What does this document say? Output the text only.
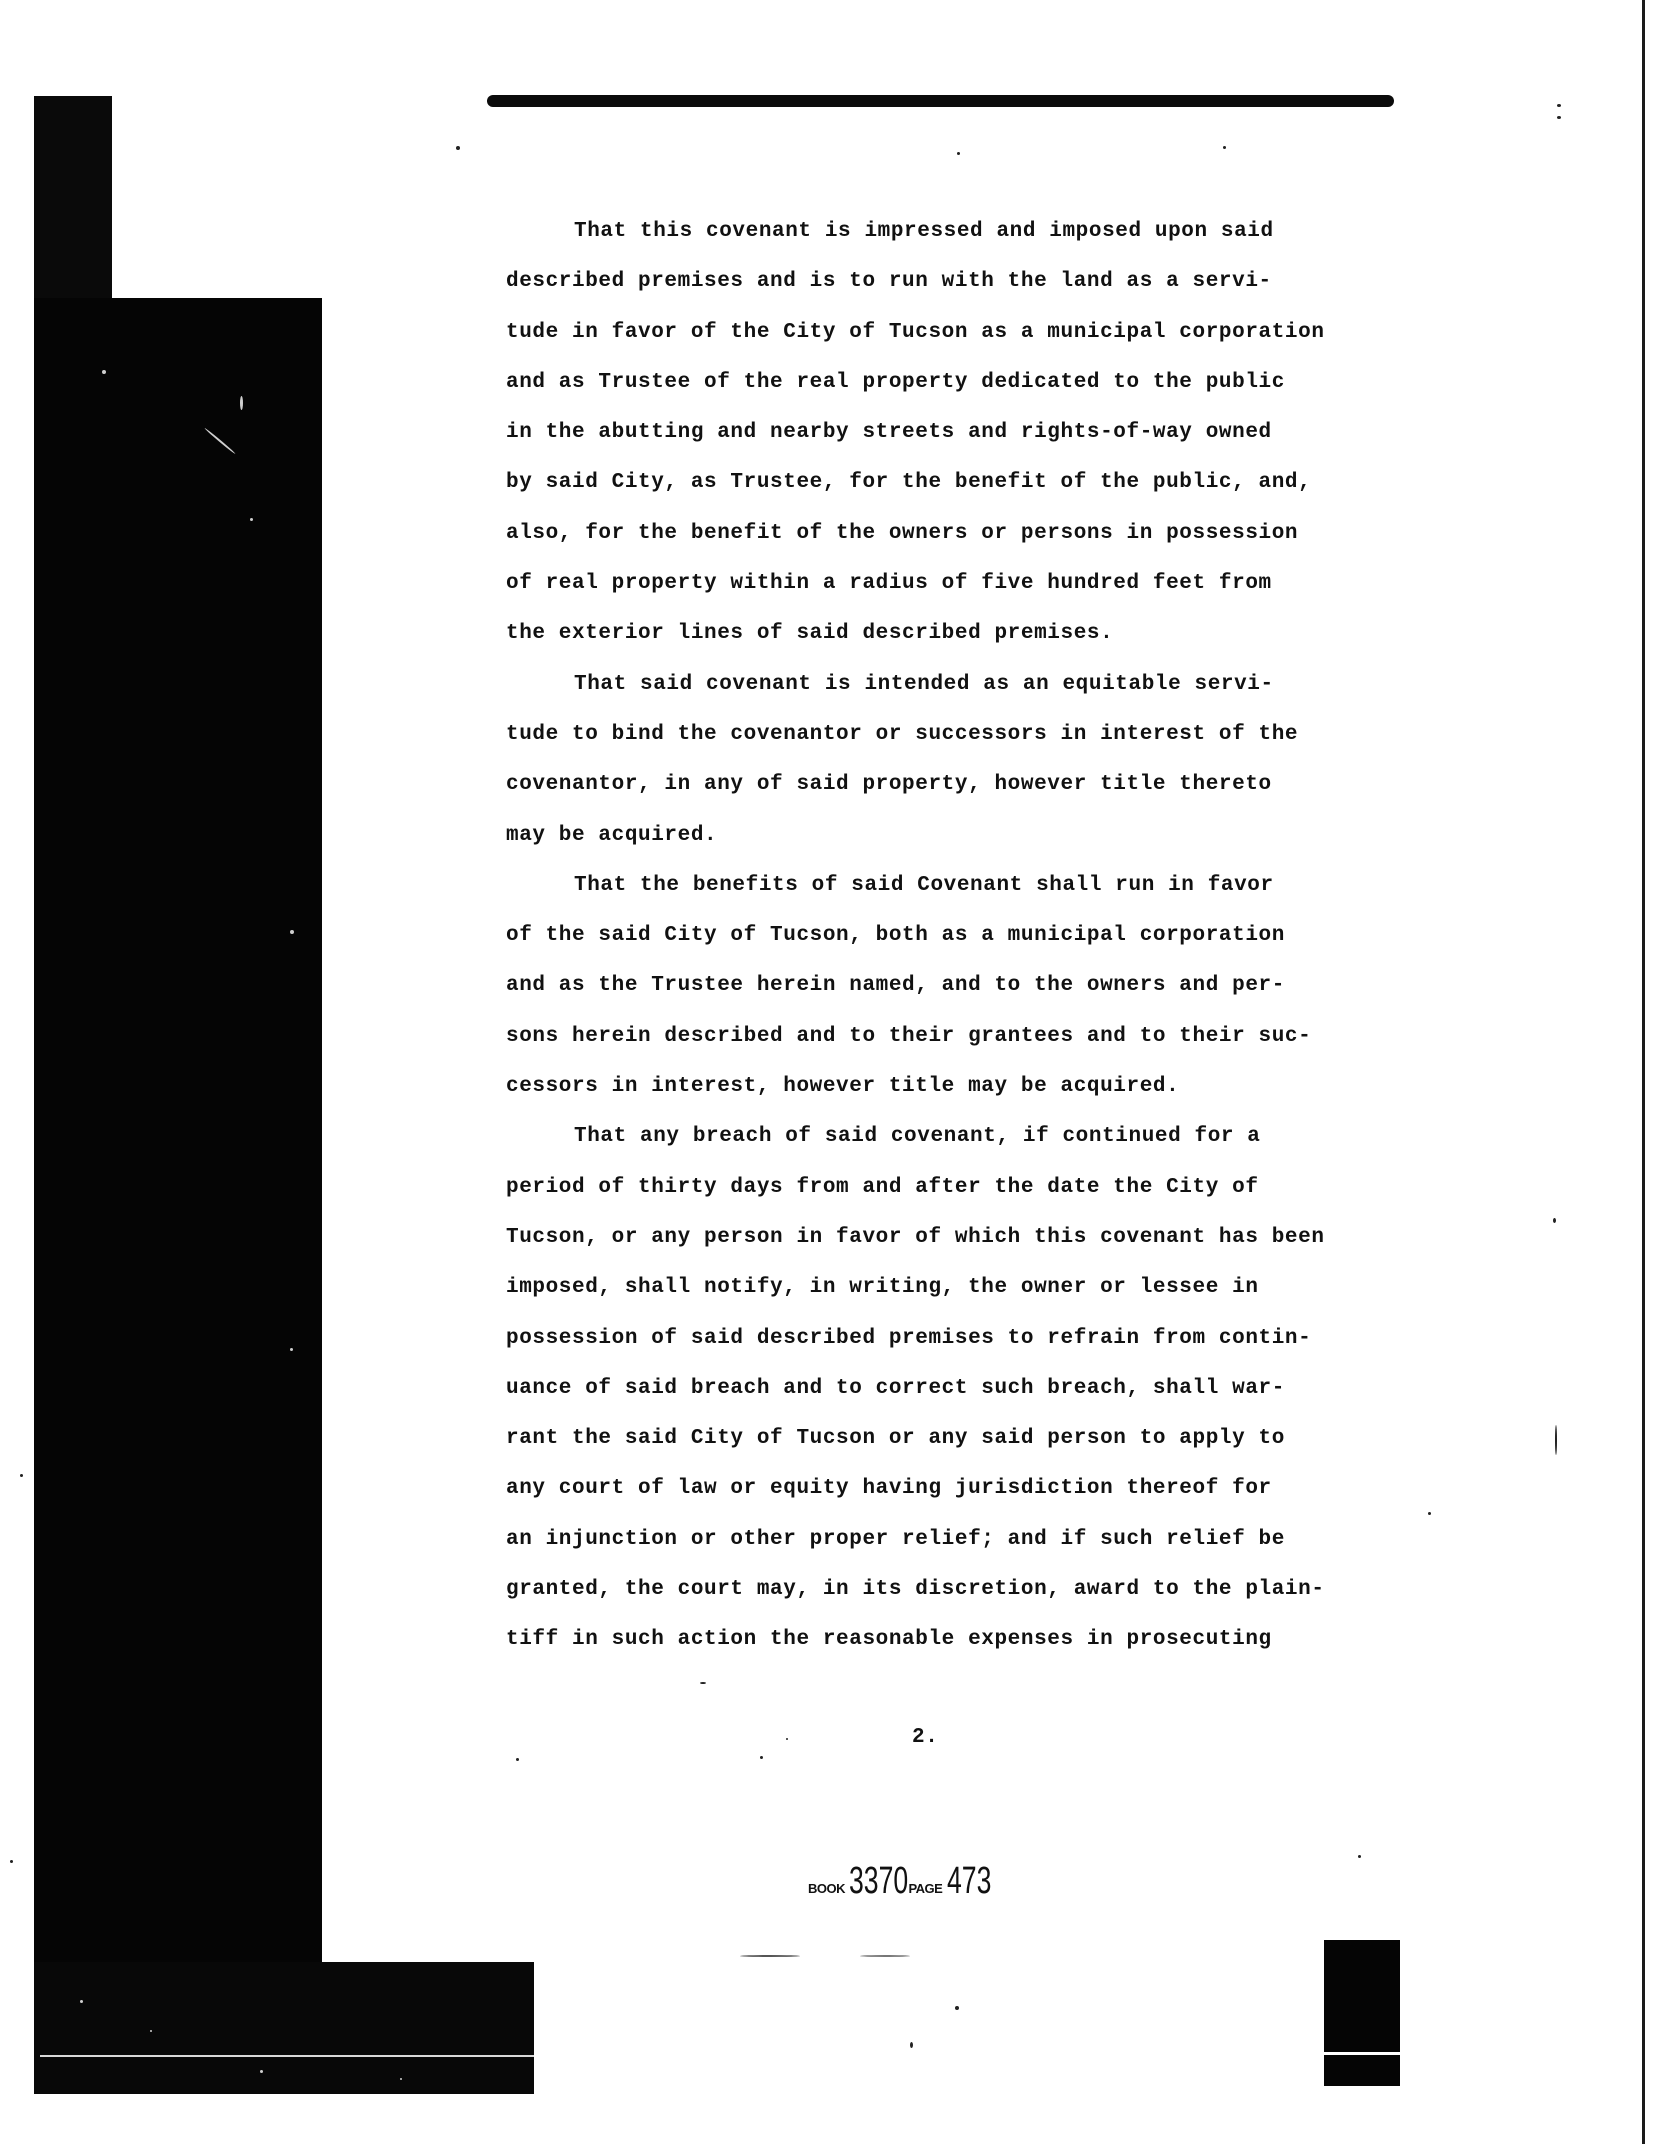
That this covenant is impressed and imposed upon said
described premises and is to run with the land as a servi-
tude in favor of the City of Tucson as a municipal corporation
and as Trustee of the real property dedicated to the public
in the abutting and nearby streets and rights-of-way owned
by said City, as Trustee, for the benefit of the public, and,
also, for the benefit of the owners or persons in possession
of real property within a radius of five hundred feet from
the exterior lines of said described premises.
That said covenant is intended as an equitable servi-
tude to bind the covenantor or successors in interest of the
covenantor, in any of said property, however title thereto
may be acquired.
That the benefits of said Covenant shall run in favor
of the said City of Tucson, both as a municipal corporation
and as the Trustee herein named, and to the owners and per-
sons herein described and to their grantees and to their suc-
cessors in interest, however title may be acquired.
That any breach of said covenant, if continued for a
period of thirty days from and after the date the City of
Tucson, or any person in favor of which this covenant has been
imposed, shall notify, in writing, the owner or lessee in
possession of said described premises to refrain from contin-
uance of said breach and to correct such breach, shall war-
rant the said City of Tucson or any said person to apply to
any court of law or equity having jurisdiction thereof for
an injunction or other proper relief; and if such relief be
granted, the court may, in its discretion, award to the plain-
tiff in such action the reasonable expenses in prosecuting
2.
BOOK 3370 PAGE 473
